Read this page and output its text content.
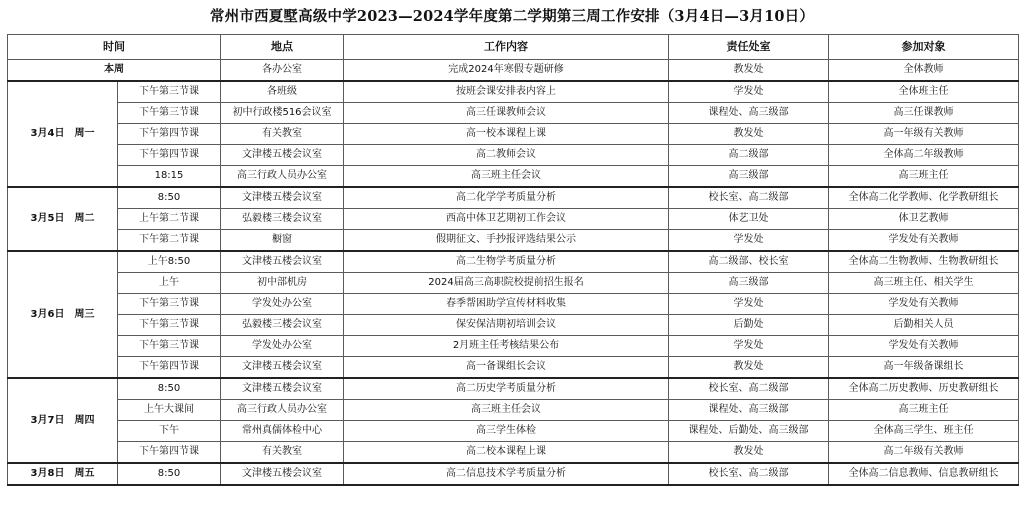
常州市西夏墅高级中学2023—2024学年度第二学期第三周工作安排（3月4日—3月10日）
时间		地点	工作内容	责任处室	参加对象
本周		各办公室	完成2024年寒假专题研修	教发处	全体教师
3月4日　周一	下午第三节课	各班级	按班会课安排表内容上	学发处	全体班主任
	下午第三节课	初中行政楼516会议室	高三任课教师会议	课程处、高三级部	高三任课教师
	下午第四节课	有关教室	高一校本课程上课	教发处	高一年级有关教师
	下午第四节课	文津楼五楼会议室	高二教师会议	高二级部	全体高二年级教师
	18:15	高三行政人员办公室	高三班主任会议	高三级部	高三班主任
3月5日　周二	8:50	文津楼五楼会议室	高二化学学考质量分析	校长室、高二级部	全体高二化学教师、化学教研组长
	上午第二节课	弘毅楼三楼会议室	西高中体卫艺期初工作会议	体艺卫处	体卫艺教师
	下午第二节课	橱窗	假期征文、手抄报评选结果公示	学发处	学发处有关教师
3月6日　周三	上午8:50	文津楼五楼会议室	高二生物学考质量分析	高二级部、校长室	全体高二生物教师、生物教研组长
	上午	初中部机房	2024届高三高职院校提前招生报名	高三级部	高三班主任、相关学生
	下午第三节课	学发处办公室	春季帮困助学宣传材料收集	学发处	学发处有关教师
	下午第三节课	弘毅楼三楼会议室	保安保洁期初培训会议	后勤处	后勤相关人员
	下午第三节课	学发处办公室	2月班主任考核结果公布	学发处	学发处有关教师
	下午第四节课	文津楼五楼会议室	高一备课组长会议	教发处	高一年级备课组长
3月7日　周四	8:50	文津楼五楼会议室	高二历史学考质量分析	校长室、高二级部	全体高二历史教师、历史教研组长
	上午大课间	高三行政人员办公室	高三班主任会议	课程处、高三级部	高三班主任
	下午	常州真儒体检中心	高三学生体检	课程处、后勤处、高三级部	全体高三学生、班主任
	下午第四节课	有关教室	高二校本课程上课	教发处	高二年级有关教师
3月8日　周五	8:50	文津楼五楼会议室	高二信息技术学考质量分析	校长室、高二级部	全体高二信息教师、信息教研组长
